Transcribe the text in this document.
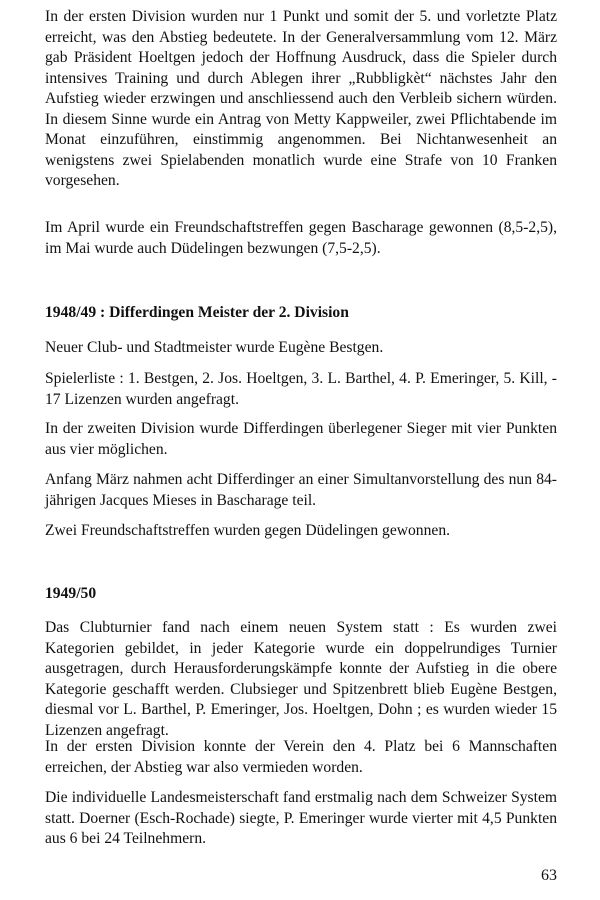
In der ersten Division wurden nur 1 Punkt und somit der 5. und vorletzte Platz erreicht, was den Abstieg bedeutete. In der Generalversammlung vom 12. März gab Präsident Hoeltgen jedoch der Hoffnung Ausdruck, dass die Spieler durch intensives Training und durch Ablegen ihrer „Rubbligkèt“ nächstes Jahr den Aufstieg wieder erzwingen und anschliessend auch den Verbleib sichern würden. In diesem Sinne wurde ein Antrag von Metty Kappweiler, zwei Pflichtabende im Monat einzuführen, einstimmig angenommen. Bei Nichtanwesenheit an wenigstens zwei Spielabenden monatlich wurde eine Strafe von 10 Franken vorgesehen.

Im April wurde ein Freundschaftstreffen gegen Bascharage gewonnen (8,5-2,5), im Mai wurde auch Düdelingen bezwungen (7,5-2,5).

1948/49 : Differdingen Meister der 2. Division

Neuer Club- und Stadtmeister wurde Eugène Bestgen.

Spielerliste : 1. Bestgen, 2. Jos. Hoeltgen, 3. L. Barthel, 4. P. Emeringer, 5. Kill, - 17 Lizenzen wurden angefragt.

In der zweiten Division wurde Differdingen überlegener Sieger mit vier Punkten aus vier möglichen.

Anfang März nahmen acht Differdinger an einer Simultanvorstellung des nun 84-jährigen Jacques Mieses in Bascharage teil.

Zwei Freundschaftstreffen wurden gegen Düdelingen gewonnen.

1949/50

Das Clubturnier fand nach einem neuen System statt : Es wurden zwei Kategorien gebildet, in jeder Kategorie wurde ein doppelrundiges Turnier ausgetragen, durch Herausforderungskämpfe konnte der Aufstieg in die obere Kategorie geschafft werden. Clubsieger und Spitzenbrett blieb Eugène Bestgen, diesmal vor L. Barthel, P. Emeringer, Jos. Hoeltgen, Dohn ; es wurden wieder 15 Lizenzen angefragt.

In der ersten Division konnte der Verein den 4. Platz bei 6 Mannschaften erreichen, der Abstieg war also vermieden worden.

Die individuelle Landesmeisterschaft fand erstmalig nach dem Schweizer System statt. Doerner (Esch-Rochade) siegte, P. Emeringer wurde vierter mit 4,5 Punkten aus 6 bei 24 Teilnehmern.

63
